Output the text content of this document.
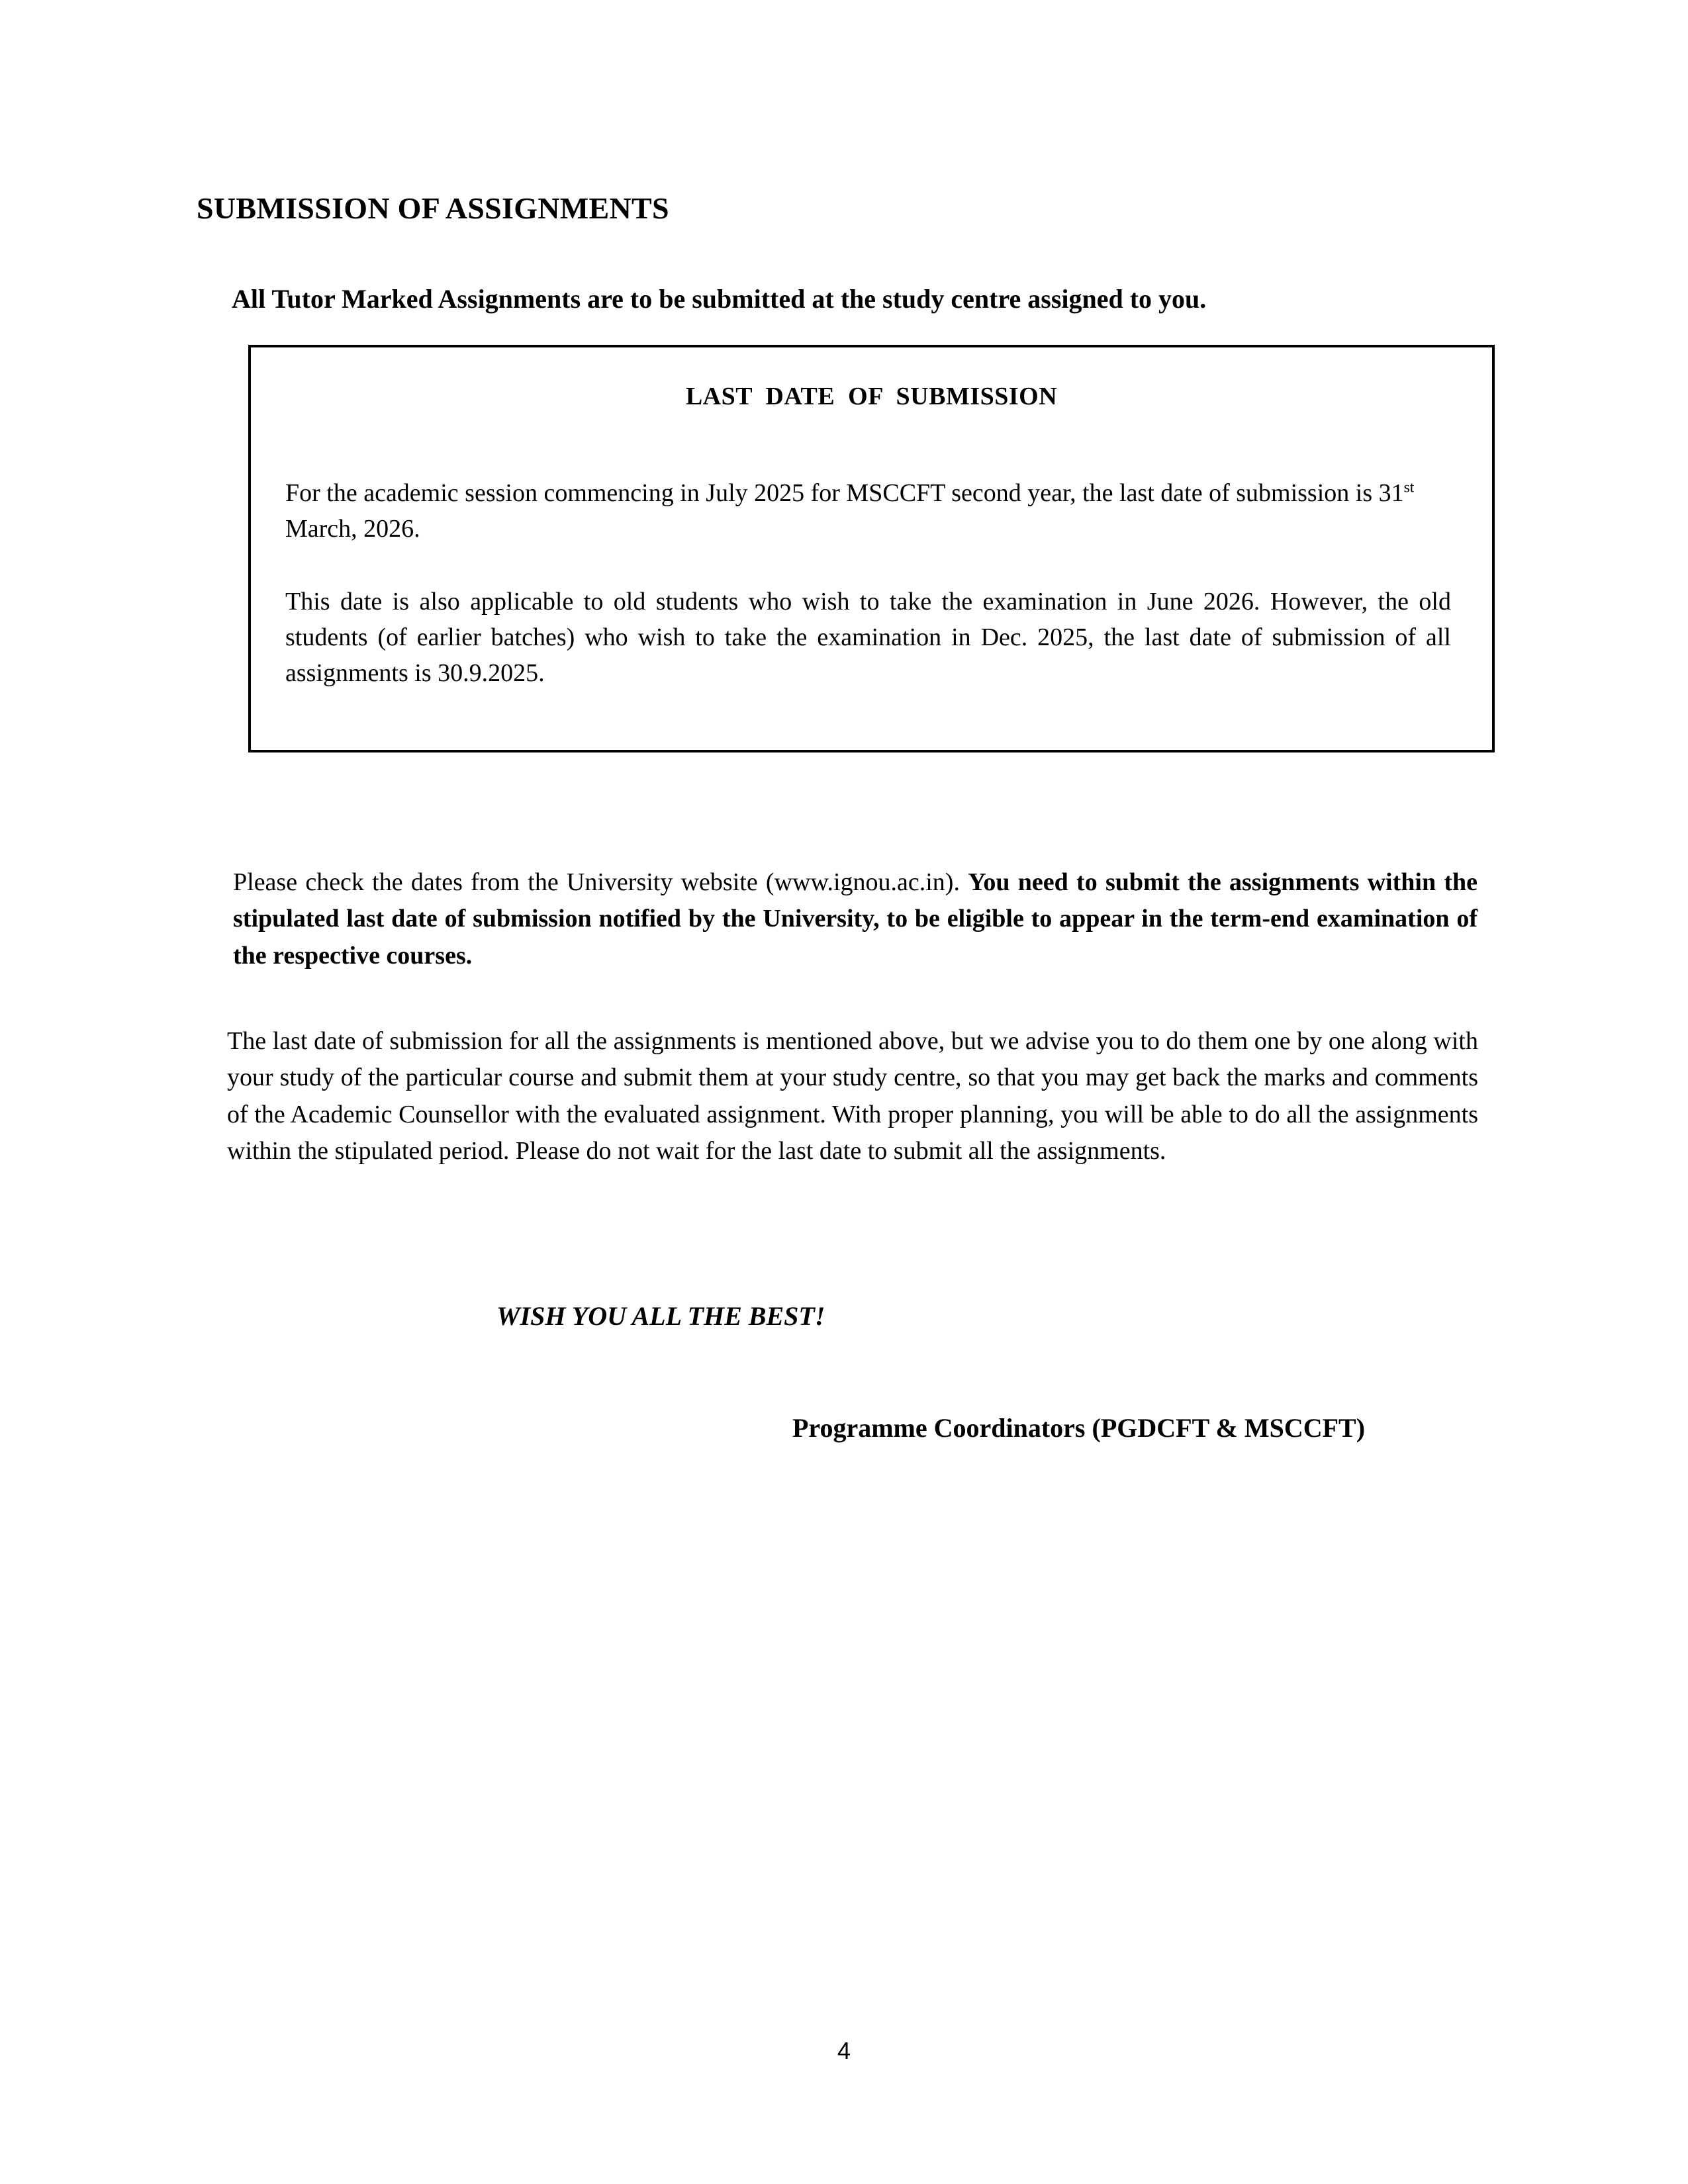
SUBMISSION OF ASSIGNMENTS

All Tutor Marked Assignments are to be submitted at the study centre assigned to you.

LAST DATE OF SUBMISSION

For the academic session commencing in July 2025 for MSCCFT second year, the last date of submission is 31st March, 2026.

This date is also applicable to old students who wish to take the examination in June 2026. However, the old students (of earlier batches) who wish to take the examination in Dec. 2025, the last date of submission of all assignments is 30.9.2025.

Please check the dates from the University website (www.ignou.ac.in). You need to submit the assignments within the stipulated last date of submission notified by the University, to be eligible to appear in the term-end examination of the respective courses.

The last date of submission for all the assignments is mentioned above, but we advise you to do them one by one along with your study of the particular course and submit them at your study centre, so that you may get back the marks and comments of the Academic Counsellor with the evaluated assignment. With proper planning, you will be able to do all the assignments within the stipulated period. Please do not wait for the last date to submit all the assignments.

WISH YOU ALL THE BEST!

Programme Coordinators (PGDCFT & MSCCFT)

4
